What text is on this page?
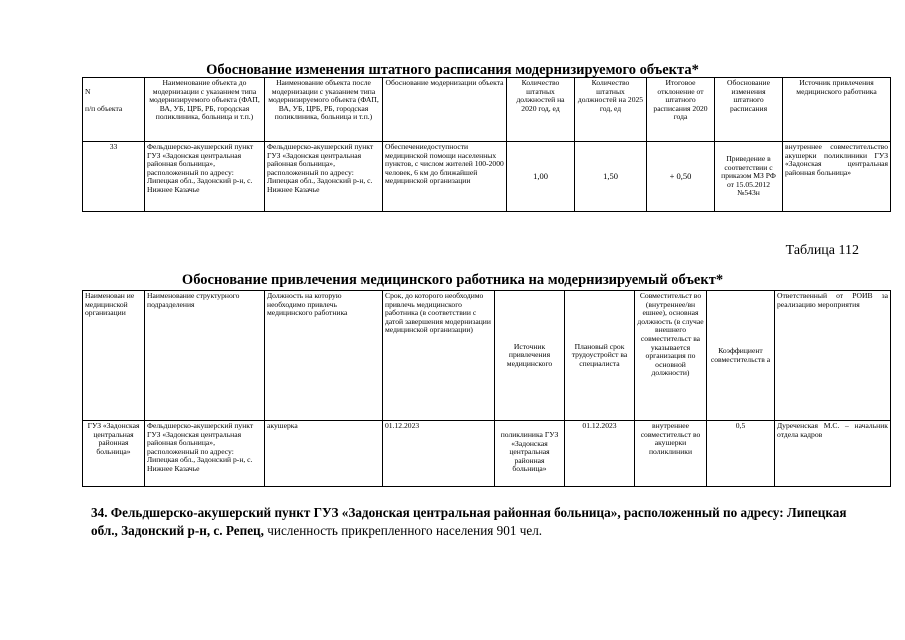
Обоснование изменения штатного расписания модернизируемого объекта*
N

п/п объекта	Наименование объекта до модернизации с указанием типа модернизируемого объекта (ФАП, ВА, УБ, ЦРБ, РБ, городская поликлиника, больница и т.п.)	Наименование объекта после модернизации с указанием типа модернизируемого объекта (ФАП, ВА, УБ, ЦРБ, РБ, городская поликлиника, больница и т.п.)	Обоснование модернизации объекта	Количество штатных должностей на 2020 год, ед	Количество штатных должностей на 2025 год, ед	Итоговое отклонение от штатного расписания 2020 года	Обоснование изменения штатного расписания	Источник привлечения медицинского работника
33	Фельдшерско-акушерский пункт ГУЗ «Задонская центральная районная больница», расположенный по адресу: Липецкая обл., Задонский р-н, с. Нижнее Казачье	Фельдшерско-акушерский пункт ГУЗ «Задонская центральная районная больница», расположенный по адресу: Липецкая обл., Задонский р-н, с. Нижнее Казачье	Обеспечениедоступности медицинской помощи населенных пунктов, с числом жителей 100-2000 человек, 6 км до ближайшей медицинской организации	1,00	1,50	+ 0,50	Приведение в соответствии с приказом МЗ РФ от 15.05.2012 №543н	внутреннее совместительство акушерки поликлиники ГУЗ «Задонская центральная районная больница»
Таблица 112
Обоснование привлечения медицинского работника на модернизируемый объект*
Наименован ие медицинской организации	Наименование структурного подразделения	Должность на которую необходимо привлечь медицинского работника	Срок, до которого необходимо привлечь медицинского работника (в соответствии с датой завершения модернизации медицинской организации)	Источник привлечения медицинского	Плановый срок трудоустройст ва специалиста	Совместительст во (внутреннее/вн ешнее), основная должность (в случае внешнего совместительст ва указывается организация по основной должности)	Коэффициент совместительств а	Ответственный от РОИВ за реализацию мероприятия
ГУЗ «Задонская центральная районная больница»	Фельдшерско-акушерский пункт ГУЗ «Задонская центральная районная больница», расположенный по адресу: Липецкая обл., Задонский р-н, с. Нижнее Казачье	акушерка	01.12.2023	поликлиника ГУЗ «Задонская центральная районная больница»	01.12.2023	внутреннее совместительст во акушерки поликлиники	0,5	Дуреченская М.С. – начальник отдела кадров
34. Фельдшерско-акушерский пункт ГУЗ «Задонская центральная районная больница», расположенный по адресу: Липецкая обл., Задонский р-н, с. Репец, численность прикрепленного населения 901 чел.
